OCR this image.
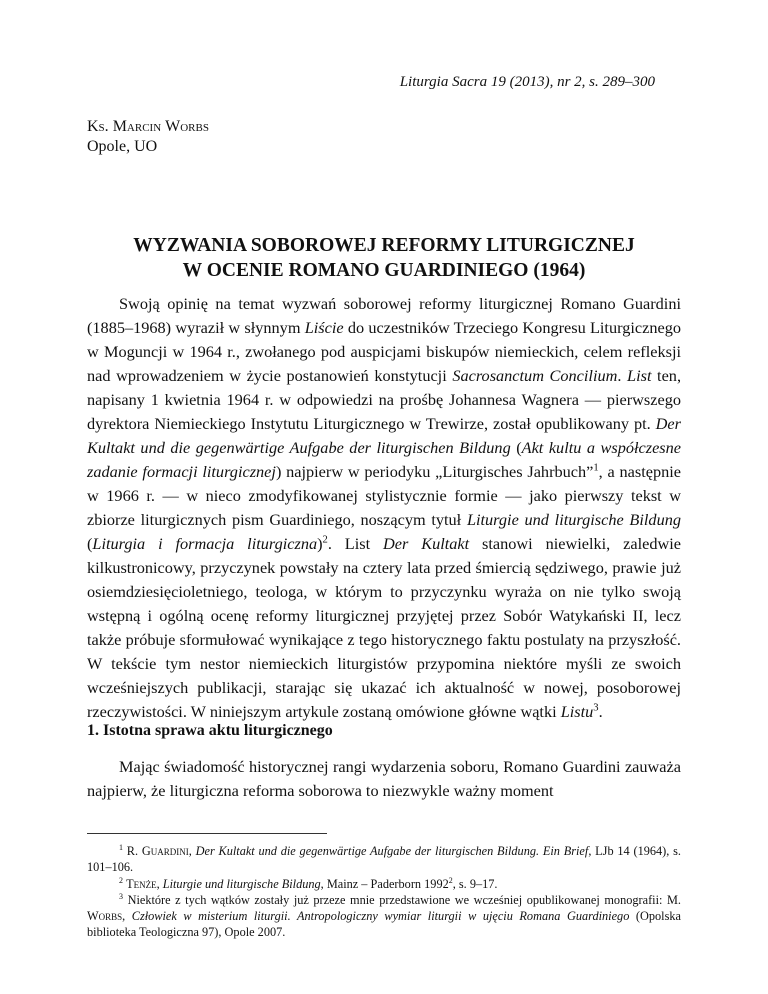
Liturgia Sacra 19 (2013), nr 2, s. 289–300
Ks. Marcin Worbs
Opole, UO
WYZWANIA SOBOROWEJ REFORMY LITURGICZNEJ
W OCENIE ROMANO GUARDINIEGO (1964)

Swoją opinię na temat wyzwań soborowej reformy liturgicznej Romano Guardini (1885–1968) wyraził w słynnym Liście do uczestników Trzeciego Kongresu Liturgicznego w Moguncji w 1964 r., zwołanego pod auspicjami biskupów niemieckich, celem refleksji nad wprowadzeniem w życie postanowień konstytucji Sacrosanctum Concilium. List ten, napisany 1 kwietnia 1964 r. w odpowiedzi na prośbę Johannesa Wagnera — pierwszego dyrektora Niemieckiego Instytutu Liturgicznego w Trewirze, został opublikowany pt. Der Kultakt und die gegenwärtige Aufgabe der liturgischen Bildung (Akt kultu a współczesne zadanie formacji liturgicznej) najpierw w periodyku „Liturgisches Jahrbuch”$^1$, a następnie w 1966 r. — w nieco zmodyfikowanej stylistycznie formie — jako pierwszy tekst w zbiorze liturgicznych pism Guardiniego, noszącym tytuł Liturgie und liturgische Bildung (Liturgia i formacja liturgiczna)$^2$. List Der Kultakt stanowi niewielki, zaledwie kilkustronicowy, przyczynek powstały na cztery lata przed śmiercią sędziwego, prawie już osiemdziesięcioletniego, teologa, w którym to przyczynku wyraża on nie tylko swoją wstępną i ogólną ocenę reformy liturgicznej przyjętej przez Sobór Watykański II, lecz także próbuje sformułować wynikające z tego historycznego faktu postulaty na przyszłość. W tekście tym nestor niemieckich liturgistów przypomina niektóre myśli ze swoich wcześniejszych publikacji, starając się ukazać ich aktualność w nowej, posoborowej rzeczywistości. W niniejszym artykule zostaną omówione główne wątki Listu$^3$.

1. Istotna sprawa aktu liturgicznego

Mając świadomość historycznej rangi wydarzenia soboru, Romano Guardini zauważa najpierw, że liturgiczna reforma soborowa to niezwykle ważny moment

$^1$ R. Guardini, Der Kultakt und die gegenwärtige Aufgabe der liturgischen Bildung. Ein Brief, LJb 14 (1964), s. 101–106.

$^2$ Tenże, Liturgie und liturgische Bildung, Mainz – Paderborn 1992$^2$, s. 9–17.

$^3$ Niektóre z tych wątków zostały już przeze mnie przedstawione we wcześniej opublikowanej monografii: M. Worbs, Człowiek w misterium liturgii. Antropologiczny wymiar liturgii w ujęciu Romana Guardiniego (Opolska biblioteka Teologiczna 97), Opole 2007.
